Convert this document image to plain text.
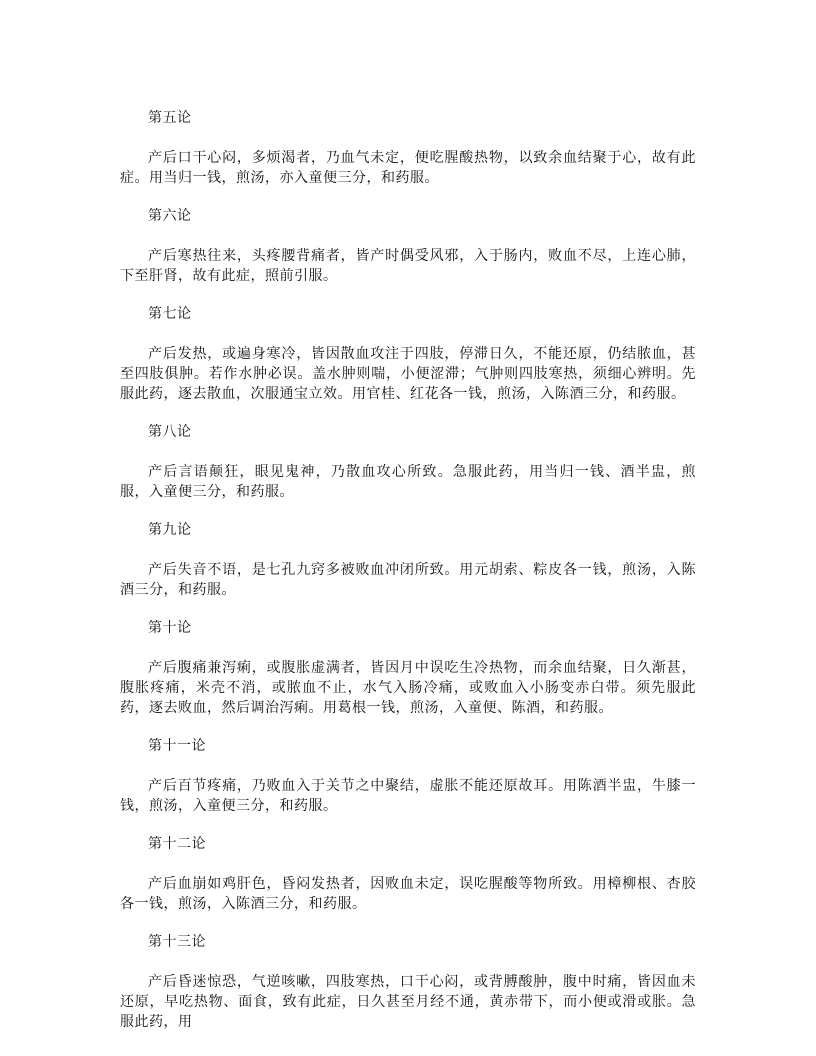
第五论

产后口干心闷，多烦渴者，乃血气未定，便吃腥酸热物，以致余血结聚于心，故有此症。用当归一钱，煎汤，亦入童便三分，和药服。

第六论

产后寒热往来，头疼腰背痛者，皆产时偶受风邪，入于肠内，败血不尽，上连心肺，下至肝肾，故有此症，照前引服。

第七论

产后发热，或遍身寒冷，皆因散血攻注于四肢，停滞日久，不能还原，仍结脓血，甚至四肢俱肿。若作水肿必误。盖水肿则喘，小便涩滞；气肿则四肢寒热，须细心辨明。先服此药，逐去散血，次服通宝立效。用官桂、红花各一钱，煎汤，入陈酒三分，和药服。

第八论

产后言语颠狂，眼见鬼神，乃散血攻心所致。急服此药，用当归一钱、酒半盅，煎服，入童便三分，和药服。

第九论

产后失音不语，是七孔九窍多被败血冲闭所致。用元胡索、粽皮各一钱，煎汤，入陈酒三分，和药服。

第十论

产后腹痛兼泻痢，或腹胀虚满者，皆因月中误吃生冷热物，而余血结聚，日久渐甚，腹胀疼痛，米壳不消，或脓血不止，水气入肠冷痛，或败血入小肠变赤白带。须先服此药，逐去败血，然后调治泻痢。用葛根一钱，煎汤，入童便、陈酒，和药服。

第十一论

产后百节疼痛，乃败血入于关节之中聚结，虚胀不能还原故耳。用陈酒半盅，牛膝一钱，煎汤，入童便三分，和药服。

第十二论

产后血崩如鸡肝色，昏闷发热者，因败血未定，误吃腥酸等物所致。用樟柳根、杏胶各一钱，煎汤，入陈酒三分，和药服。

第十三论

产后昏迷惊恐，气逆咳嗽，四肢寒热，口干心闷，或背膊酸肿，腹中时痛，皆因血未还原，早吃热物、面食，致有此症，日久甚至月经不通，黄赤带下，而小便或滑或胀。急服此药，用
